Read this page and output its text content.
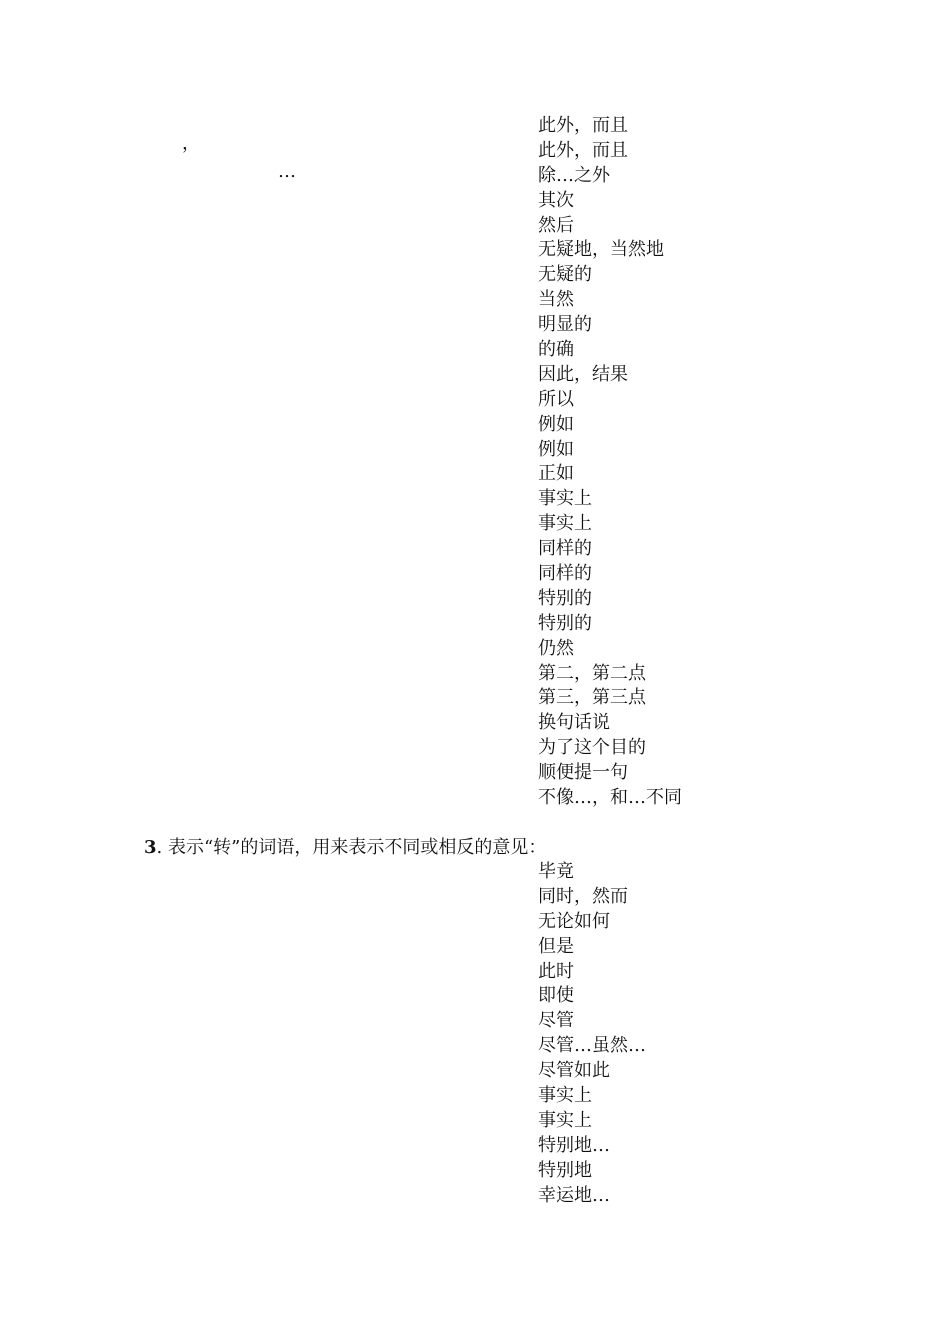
，
…
此外，而且
此外，而且
除…之外
其次
然后
无疑地，当然地
无疑的
当然
明显的
的确
因此，结果
所以
例如
例如
正如
事实上
事实上
同样的
同样的
特别的
特别的
仍然
第二，第二点
第三，第三点
换句话说
为了这个目的
顺便提一句
不像…，和…不同
3. 表示“转”的词语，用来表示不同或相反的意见：
毕竟
同时，然而
无论如何
但是
此时
即使
尽管
尽管…虽然…
尽管如此
事实上
事实上
特别地…
特别地
幸运地…
